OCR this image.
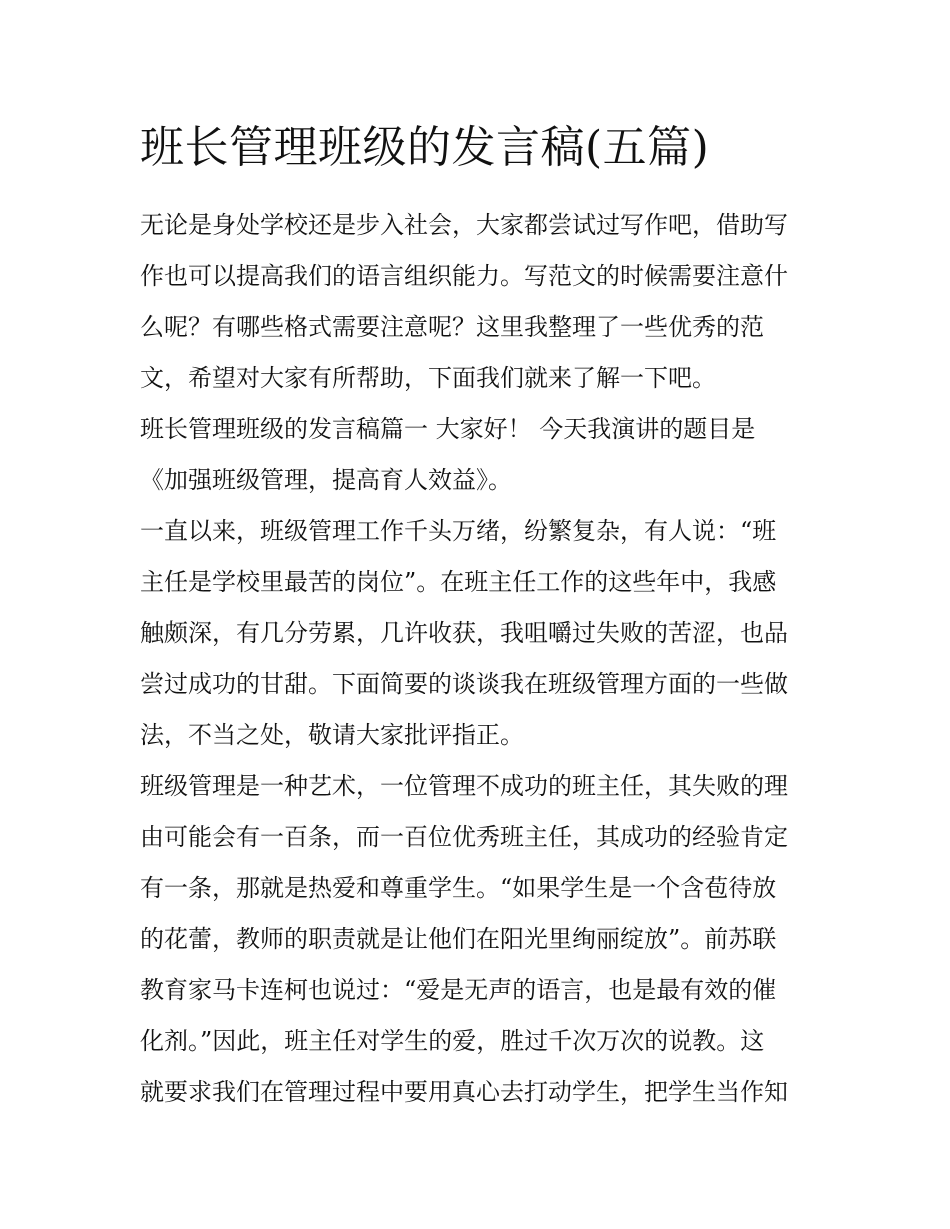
班长管理班级的发言稿(五篇)
无论是身处学校还是步入社会，大家都尝试过写作吧，借助写
作也可以提高我们的语言组织能力。写范文的时候需要注意什
么呢？有哪些格式需要注意呢？这里我整理了一些优秀的范
文，希望对大家有所帮助，下面我们就来了解一下吧。
班长管理班级的发言稿篇一 大家好！ 今天我演讲的题目是
《加强班级管理，提高育人效益》。
一直以来，班级管理工作千头万绪，纷繁复杂，有人说：“班
主任是学校里最苦的岗位”。在班主任工作的这些年中，我感
触颇深，有几分劳累，几许收获，我咀嚼过失败的苦涩，也品
尝过成功的甘甜。下面简要的谈谈我在班级管理方面的一些做
法，不当之处，敬请大家批评指正。
班级管理是一种艺术，一位管理不成功的班主任，其失败的理
由可能会有一百条，而一百位优秀班主任，其成功的经验肯定
有一条，那就是热爱和尊重学生。“如果学生是一个含苞待放
的花蕾，教师的职责就是让他们在阳光里绚丽绽放”。前苏联
教育家马卡连柯也说过：“爱是无声的语言，也是最有效的催
化剂。”因此，班主任对学生的爱，胜过千次万次的说教。这
就要求我们在管理过程中要用真心去打动学生，把学生当作知
